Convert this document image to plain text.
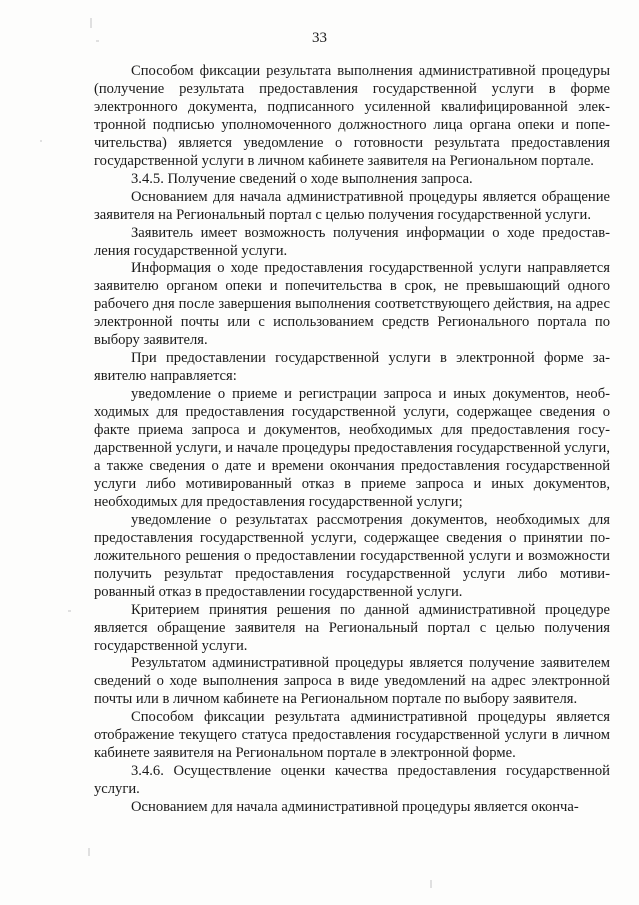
33

Способом фиксации результата выполнения административной процедуры (получение результата предоставления государственной услуги в форме электронного документа, подписанного усиленной квалифицированной электронной подписью уполномоченного должностного лица органа опеки и попечительства) является уведомление о готовности результата предоставления государственной услуги в личном кабинете заявителя на Региональном портале.

3.4.5. Получение сведений о ходе выполнения запроса.

Основанием для начала административной процедуры является обращение заявителя на Региональный портал с целью получения государственной услуги.

Заявитель имеет возможность получения информации о ходе предоставления государственной услуги.

Информация о ходе предоставления государственной услуги направляется заявителю органом опеки и попечительства в срок, не превышающий одного рабочего дня после завершения выполнения соответствующего действия, на адрес электронной почты или с использованием средств Регионального портала по выбору заявителя.

При предоставлении государственной услуги в электронной форме заявителю направляется:

уведомление о приеме и регистрации запроса и иных документов, необходимых для предоставления государственной услуги, содержащее сведения о факте приема запроса и документов, необходимых для предоставления государственной услуги, и начале процедуры предоставления государственной услуги, а также сведения о дате и времени окончания предоставления государственной услуги либо мотивированный отказ в приеме запроса и иных документов, необходимых для предоставления государственной услуги;

уведомление о результатах рассмотрения документов, необходимых для предоставления государственной услуги, содержащее сведения о принятии положительного решения о предоставлении государственной услуги и возможности получить результат предоставления государственной услуги либо мотивированный отказ в предоставлении государственной услуги.

Критерием принятия решения по данной административной процедуре является обращение заявителя на Региональный портал с целью получения государственной услуги.

Результатом административной процедуры является получение заявителем сведений о ходе выполнения запроса в виде уведомлений на адрес электронной почты или в личном кабинете на Региональном портале по выбору заявителя.

Способом фиксации результата административной процедуры является отображение текущего статуса предоставления государственной услуги в личном кабинете заявителя на Региональном портале в электронной форме.

3.4.6. Осуществление оценки качества предоставления государственной услуги.

Основанием для начала административной процедуры является оконча-
